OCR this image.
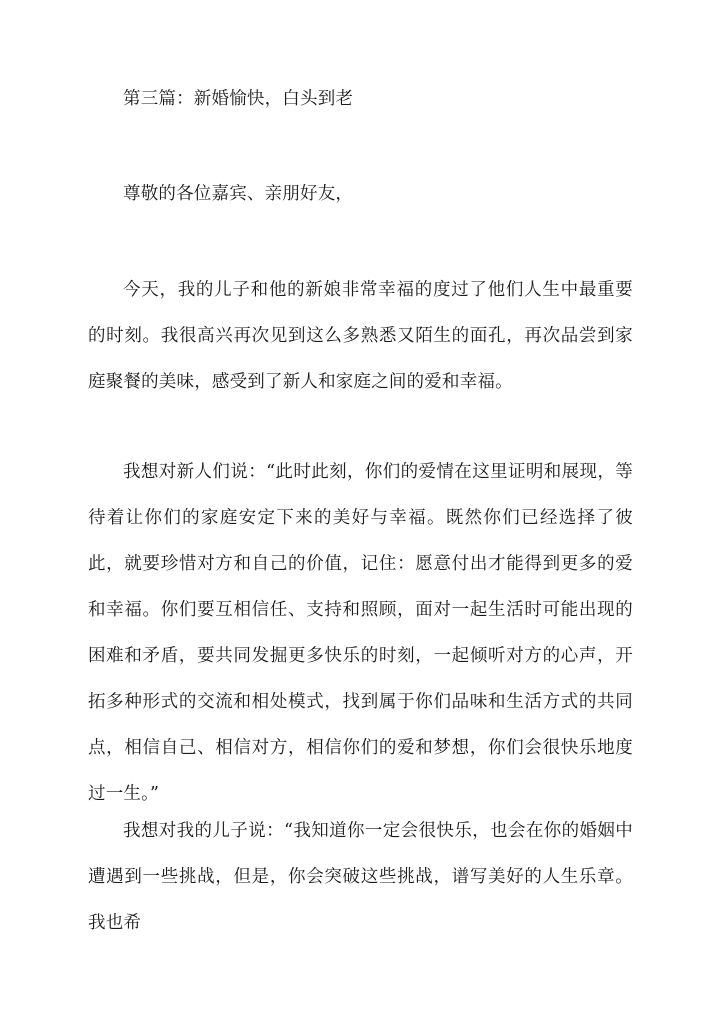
第三篇：新婚愉快，白头到老

尊敬的各位嘉宾、亲朋好友，

今天，我的儿子和他的新娘非常幸福的度过了他们人生中最重要的时刻。我很高兴再次见到这么多熟悉又陌生的面孔，再次品尝到家庭聚餐的美味，感受到了新人和家庭之间的爱和幸福。

我想对新人们说：“此时此刻，你们的爱情在这里证明和展现，等待着让你们的家庭安定下来的美好与幸福。既然你们已经选择了彼此，就要珍惜对方和自己的价值，记住：愿意付出才能得到更多的爱和幸福。你们要互相信任、支持和照顾，面对一起生活时可能出现的困难和矛盾，要共同发掘更多快乐的时刻，一起倾听对方的心声，开拓多种形式的交流和相处模式，找到属于你们品味和生活方式的共同点，相信自己、相信对方，相信你们的爱和梦想，你们会很快乐地度过一生。”

我想对我的儿子说：“我知道你一定会很快乐，也会在你的婚姻中遭遇到一些挑战，但是，你会突破这些挑战，谱写美好的人生乐章。我也希
